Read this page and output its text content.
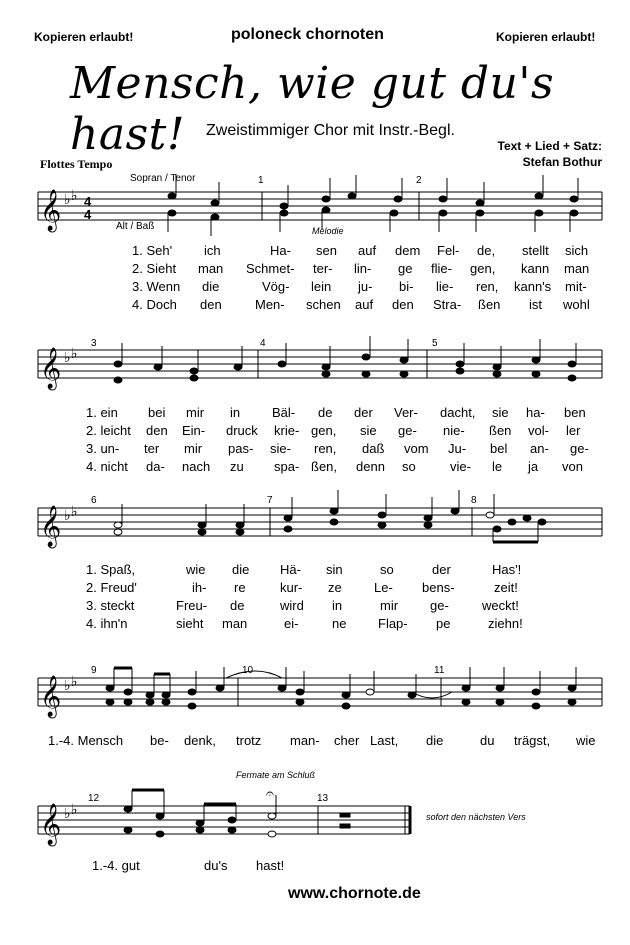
Kopieren erlaubt!	poloneck chornoten	Kopieren erlaubt!
Mensch, wie gut du's hast!	Zweistimmiger Chor mit Instr.-Begl.
Text + Lied + Satz:
Stefan Bothur
Flottes Tempo
Sopran / Tenor
Alt / Baß	Melodie
1	2
3	4	5
6	7	8
9	10	11
12	13
Fermate am Schluß
sofort den nächsten Vers
𝄞 ♭ ♭ 4
4
1. Seh' ich	Ha- sen auf dem Fel- de, stellt sich
2. Sieht man Schmet- ter- lin- ge flie- gen, kann man
3. Wenn die	Vög- lein ju- bi- lie- ren, kann's mit-
4. Doch den	Men- schen auf den Stra- ßen ist wohl
𝄞 ♭ ♭
1. ein bei mir in Bäl- de der Ver- dacht, sie ha- ben
2. leicht den Ein- druck krie- gen, sie ge- nie- ßen vol- ler
3. un- ter mir pas- sie- ren, daß vom Ju- bel an- ge-
4. nicht da- nach zu spa- ßen, denn so	vie- le ja von
𝄞 ♭ ♭
1. Spaß,	wie die Hä- sin	so	der	Has'!
2. Freud'	ih- re	kur- ze Le- bens-	zeit!
3. steckt	Freu- de	wird in	mir ge-	weckt!
4. ihn'n	sieht man	ei-	ne Flap- pe	ziehn!
𝄞 ♭ ♭
1.-4. Mensch be- denk, trotz man- cher Last, die	du trägst, wie
𝄞 ♭ ♭
𝄐
1.-4. gut	du's hast!
www.chornote.de
